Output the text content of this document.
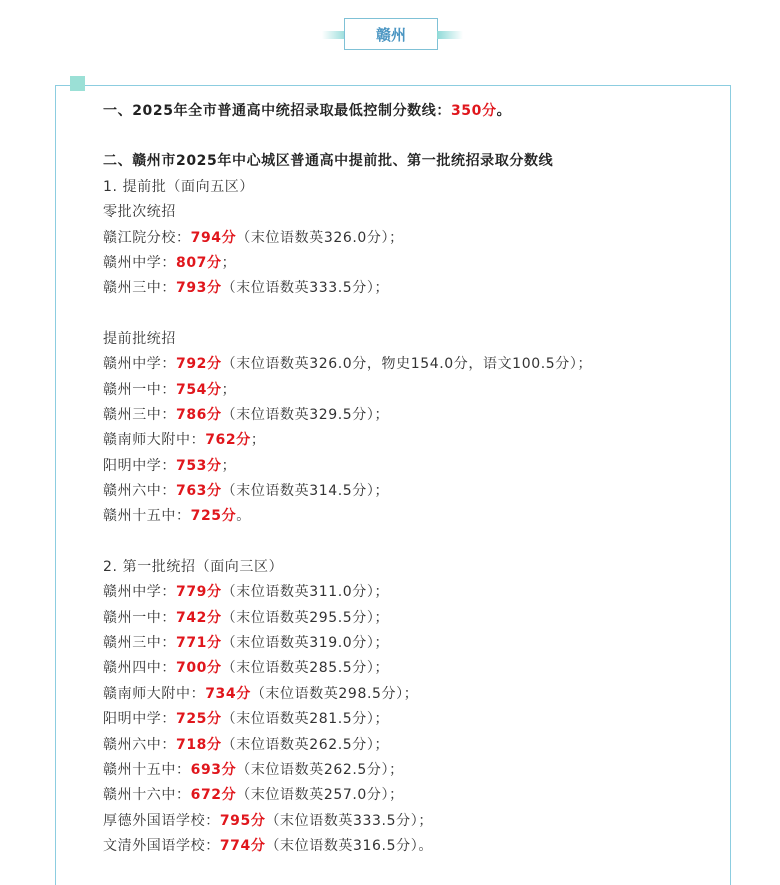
赣州
一、2025年全市普通高中统招录取最低控制分数线：350分。
二、赣州市2025年中心城区普通高中提前批、第一批统招录取分数线
1. 提前批（面向五区）
零批次统招
赣江院分校：794分（末位语数英326.0分）；
赣州中学：807分；
赣州三中：793分（末位语数英333.5分）；
提前批统招
赣州中学：792分（末位语数英326.0分，物史154.0分，语文100.5分）；
赣州一中：754分；
赣州三中：786分（末位语数英329.5分）；
赣南师大附中：762分；
阳明中学：753分；
赣州六中：763分（末位语数英314.5分）；
赣州十五中：725分。
2. 第一批统招（面向三区）
赣州中学：779分（末位语数英311.0分）；
赣州一中：742分（末位语数英295.5分）；
赣州三中：771分（末位语数英319.0分）；
赣州四中：700分（末位语数英285.5分）；
赣南师大附中：734分（末位语数英298.5分）；
阳明中学：725分（末位语数英281.5分）；
赣州六中：718分（末位语数英262.5分）；
赣州十五中：693分（末位语数英262.5分）；
赣州十六中：672分（末位语数英257.0分）；
厚德外国语学校：795分（末位语数英333.5分）；
文清外国语学校：774分（末位语数英316.5分）。
